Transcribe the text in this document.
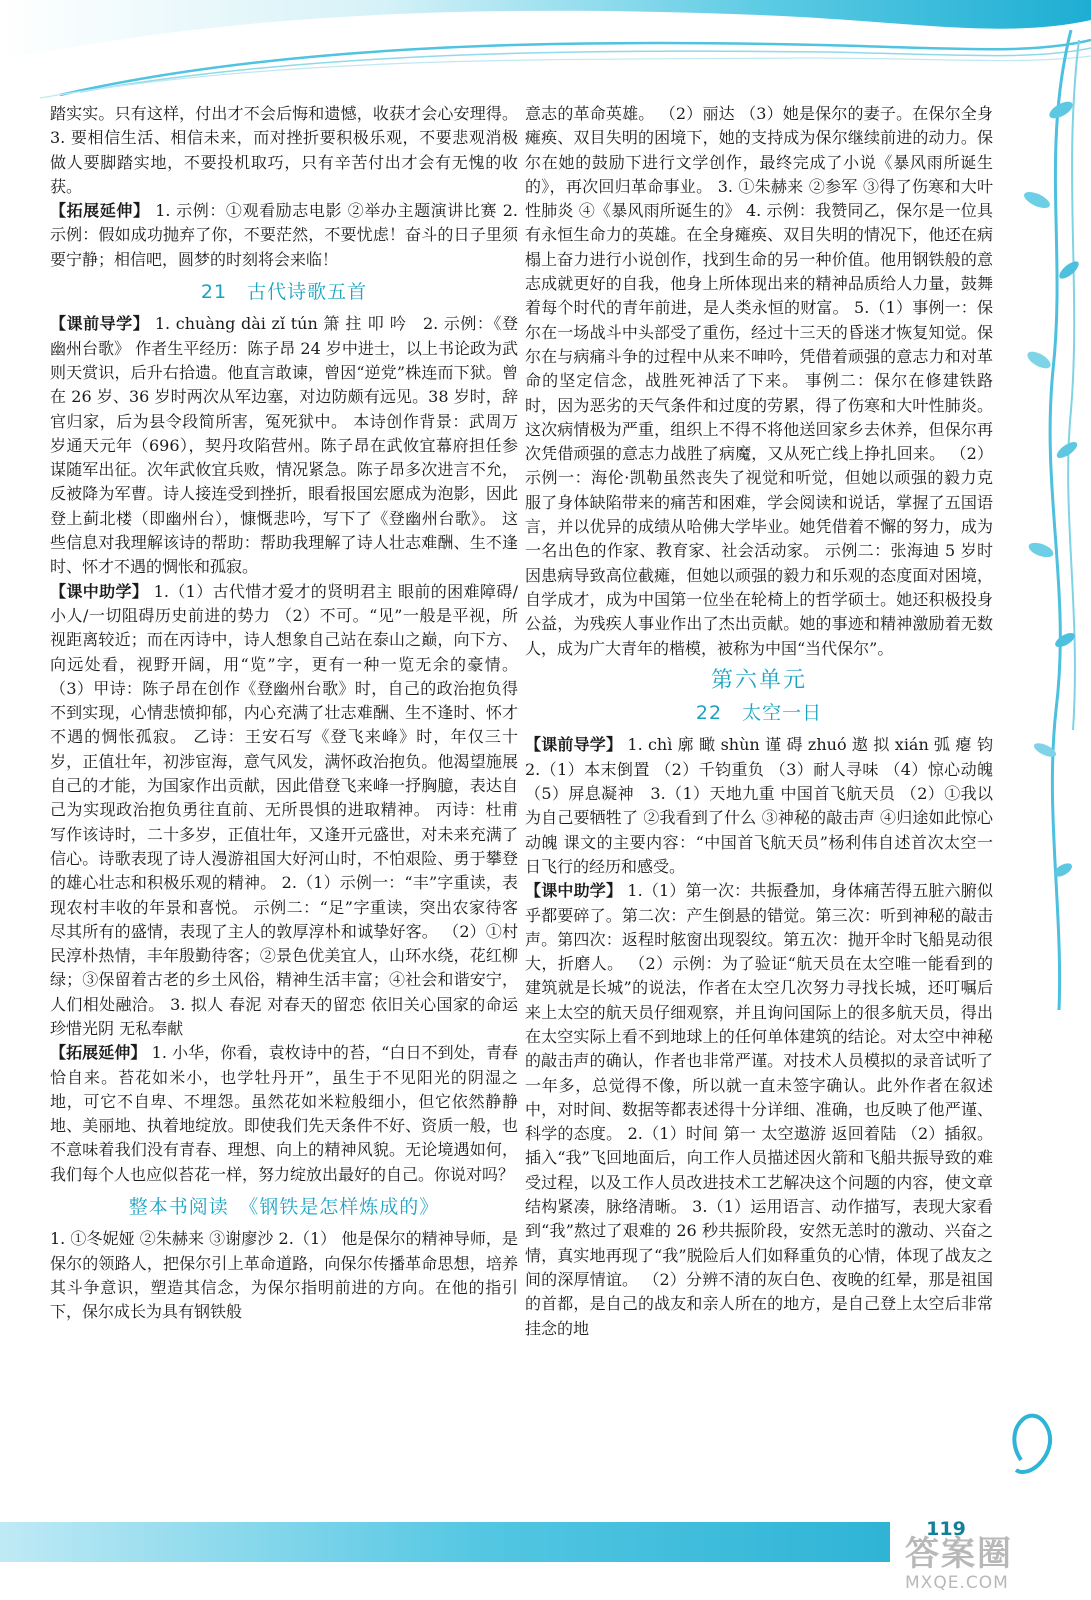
踏实实。只有这样，付出才不会后悔和遗憾，收获才会心安理得。 3. 要相信生活、相信未来，而对挫折要积极乐观，不要悲观消极 做人要脚踏实地，不要投机取巧，只有辛苦付出才会有无愧的收获。

【拓展延伸】 1. 示例：①观看励志电影 ②举办主题演讲比赛 2. 示例：假如成功抛弃了你，不要茫然，不要忧虑！奋斗的日子里须要宁静；相信吧，圆梦的时刻将会来临！

21　古代诗歌五首

【课前导学】 1. chuàng dài zǐ tún 箫 拄 叩 吟　2. 示例：《登幽州台歌》 作者生平经历：陈子昂 24 岁中进士，以上书论政为武则天赏识，后升右拾遗。他直言敢谏，曾因“逆党”株连而下狱。曾在 26 岁、36 岁时两次从军边塞，对边防颇有远见。38 岁时，辞官归家，后为县令段简所害，冤死狱中。 本诗创作背景：武周万岁通天元年（696），契丹攻陷营州。陈子昂在武攸宜幕府担任参谋随军出征。次年武攸宜兵败，情况紧急。陈子昂多次进言不允，反被降为军曹。诗人接连受到挫折，眼看报国宏愿成为泡影，因此登上蓟北楼（即幽州台），慷慨悲吟，写下了《登幽州台歌》。 这些信息对我理解该诗的帮助：帮助我理解了诗人壮志难酬、生不逢时、怀才不遇的惆怅和孤寂。

【课中助学】 1.（1）古代惜才爱才的贤明君主 眼前的困难障碍/小人/一切阻碍历史前进的势力 （2）不可。“见”一般是平视，所视距离较近；而在丙诗中，诗人想象自己站在泰山之巅，向下方、向远处看，视野开阔，用“览”字，更有一种一览无余的豪情。 （3）甲诗：陈子昂在创作《登幽州台歌》时，自己的政治抱负得不到实现，心情悲愤抑郁，内心充满了壮志难酬、生不逢时、怀才不遇的惆怅孤寂。 乙诗：王安石写《登飞来峰》时，年仅三十岁，正值壮年，初涉宦海，意气风发，满怀政治抱负。他渴望施展自己的才能，为国家作出贡献，因此借登飞来峰一抒胸臆，表达自己为实现政治抱负勇往直前、无所畏惧的进取精神。 丙诗：杜甫写作该诗时，二十多岁，正值壮年，又逢开元盛世，对未来充满了信心。诗歌表现了诗人漫游祖国大好河山时，不怕艰险、勇于攀登的雄心壮志和积极乐观的精神。 2.（1）示例一：“丰”字重读，表现农村丰收的年景和喜悦。 示例二：“足”字重读，突出农家待客尽其所有的盛情，表现了主人的敦厚淳朴和诚挚好客。 （2）①村民淳朴热情，丰年殷勤待客；②景色优美宜人，山环水绕，花红柳绿；③保留着古老的乡土风俗，精神生活丰富；④社会和谐安宁，人们相处融洽。 3. 拟人 春泥 对春天的留恋 依旧关心国家的命运 珍惜光阴 无私奉献

【拓展延伸】 1. 小华，你看，袁枚诗中的苔，“白日不到处，青春恰自来。苔花如米小，也学牡丹开”，虽生于不见阳光的阴湿之地，可它不自卑、不埋怨。虽然花如米粒般细小，但它依然静静地、美丽地、执着地绽放。即使我们先天条件不好、资质一般，也不意味着我们没有青春、理想、向上的精神风貌。无论境遇如何，我们每个人也应似苔花一样，努力绽放出最好的自己。你说对吗？

整本书阅读　《钢铁是怎样炼成的》

1. ①冬妮娅 ②朱赫来 ③谢廖沙 2.（1） 他是保尔的精神导师，是保尔的领路人，把保尔引上革命道路，向保尔传播革命思想，培养其斗争意识，塑造其信念，为保尔指明前进的方向。在他的指引下，保尔成长为具有钢铁般

意志的革命英雄。 （2）丽达 （3）她是保尔的妻子。在保尔全身瘫痪、双目失明的困境下，她的支持成为保尔继续前进的动力。保尔在她的鼓励下进行文学创作，最终完成了小说《暴风雨所诞生的》，再次回归革命事业。 3. ①朱赫来 ②参军 ③得了伤寒和大叶性肺炎 ④《暴风雨所诞生的》 4. 示例：我赞同乙，保尔是一位具有永恒生命力的英雄。在全身瘫痪、双目失明的情况下，他还在病榻上奋力进行小说创作，找到生命的另一种价值。他用钢铁般的意志成就更好的自我，他身上所体现出来的精神品质给人力量，鼓舞着每个时代的青年前进，是人类永恒的财富。 5.（1）事例一：保尔在一场战斗中头部受了重伤，经过十三天的昏迷才恢复知觉。保尔在与病痛斗争的过程中从来不呻吟，凭借着顽强的意志力和对革命的坚定信念，战胜死神活了下来。 事例二：保尔在修建铁路时，因为恶劣的天气条件和过度的劳累，得了伤寒和大叶性肺炎。这次病情极为严重，组织上不得不将他送回家乡去休养，但保尔再次凭借顽强的意志力战胜了病魔，又从死亡线上挣扎回来。 （2）示例一：海伦·凯勒虽然丧失了视觉和听觉，但她以顽强的毅力克服了身体缺陷带来的痛苦和困难，学会阅读和说话，掌握了五国语言，并以优异的成绩从哈佛大学毕业。她凭借着不懈的努力，成为一名出色的作家、教育家、社会活动家。 示例二：张海迪 5 岁时因患病导致高位截瘫，但她以顽强的毅力和乐观的态度面对困境，自学成才，成为中国第一位坐在轮椅上的哲学硕士。她还积极投身公益，为残疾人事业作出了杰出贡献。她的事迹和精神激励着无数人，成为广大青年的楷模，被称为中国“当代保尔”。

第六单元
22　太空一日

【课前导学】 1. chì 廓 瞰 shùn 谨 碍 zhuó 遨 拟 xián 弧 瘪 钧 2.（1）本末倒置 （2）千钧重负 （3）耐人寻味 （4）惊心动魄 （5）屏息凝神　3.（1）天地九重 中国首飞航天员 （2）①我以为自己要牺牲了 ②我看到了什么 ③神秘的敲击声 ④归途如此惊心动魄 课文的主要内容：“中国首飞航天员”杨利伟自述首次太空一日飞行的经历和感受。

【课中助学】 1.（1）第一次：共振叠加，身体痛苦得五脏六腑似乎都要碎了。第二次：产生倒悬的错觉。第三次：听到神秘的敲击声。第四次：返程时舷窗出现裂纹。第五次：抛开伞时飞船晃动很大，折磨人。 （2）示例：为了验证“航天员在太空唯一能看到的建筑就是长城”的说法，作者在太空几次努力寻找长城，还叮嘱后来上太空的航天员仔细观察，并且询问国际上的很多航天员，得出在太空实际上看不到地球上的任何单体建筑的结论。对太空中神秘的敲击声的确认，作者也非常严谨。对技术人员模拟的录音试听了一年多，总觉得不像，所以就一直未签字确认。此外作者在叙述中，对时间、数据等都表述得十分详细、准确，也反映了他严谨、科学的态度。 2.（1）时间 第一 太空遨游 返回着陆 （2）插叙。插入“我”飞回地面后，向工作人员描述因火箭和飞船共振导致的难受过程，以及工作人员改进技术工艺解决这个问题的内容，使文章结构紧凑，脉络清晰。 3.（1）运用语言、动作描写，表现大家看到“我”熬过了艰难的 26 秒共振阶段，安然无恙时的激动、兴奋之情，真实地再现了“我”脱险后人们如释重负的心情，体现了战友之间的深厚情谊。 （2）分辨不清的灰白色、夜晚的红晕，那是祖国的首都，是自己的战友和亲人所在的地方，是自己登上太空后非常挂念的地

119
答案圈
MXQE.COM
